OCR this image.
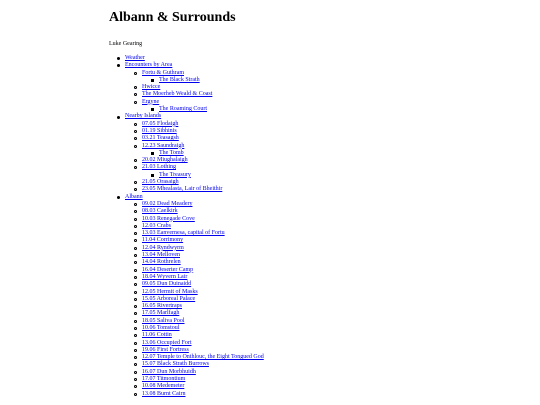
Albann & Surrounds
Luke Gearing
Weather
Encounters by Area
Fortu & Guthram
The Black Strath
Hwicce
The Moerheb Weald & Coast
Ergyne
The Roaming Court
Nearby Islands
07.05 Flodaigh
01.19 Sibhinis
03.21 Teasagsh
12.23 Saundraigh
The Tomb
20.02 Miughalaigh
21.03 Lothing
The Treasury
21.05 Orasaigh
23.05 Mhealasta, Lair of Bheithir
Albann
09.02 Dead Meadery
08.03 Caelkirk
10.03 Renegade Cove
12.03 Crabs
13.03 Eanvernesa, capital of Fortu
11.04 Corrimony
12.04 Ryndwyrm
13.04 Melloven
14.04 Rothrelen
16.04 Deserter Camp
18.04 Wyvern Lair
09.05 Dun Duinaidd
12.05 Hermit of Masks
15.05 Arboreal Palace
16.05 Rivertraps
17.05 Marlfagh
18.05 Saliva Pool
10.06 Tomstoul
11.06 Cottin
13.06 Occupied Fort
19.06 First Fortress
12.07 Temple to Onthlouc, the Eight Tongued God
15.07 Black Strath Burrows
16.07 Dun Morbhuidh
17.07 Titmontium
10.08 Medemeter
13.08 Burnt Cairn
